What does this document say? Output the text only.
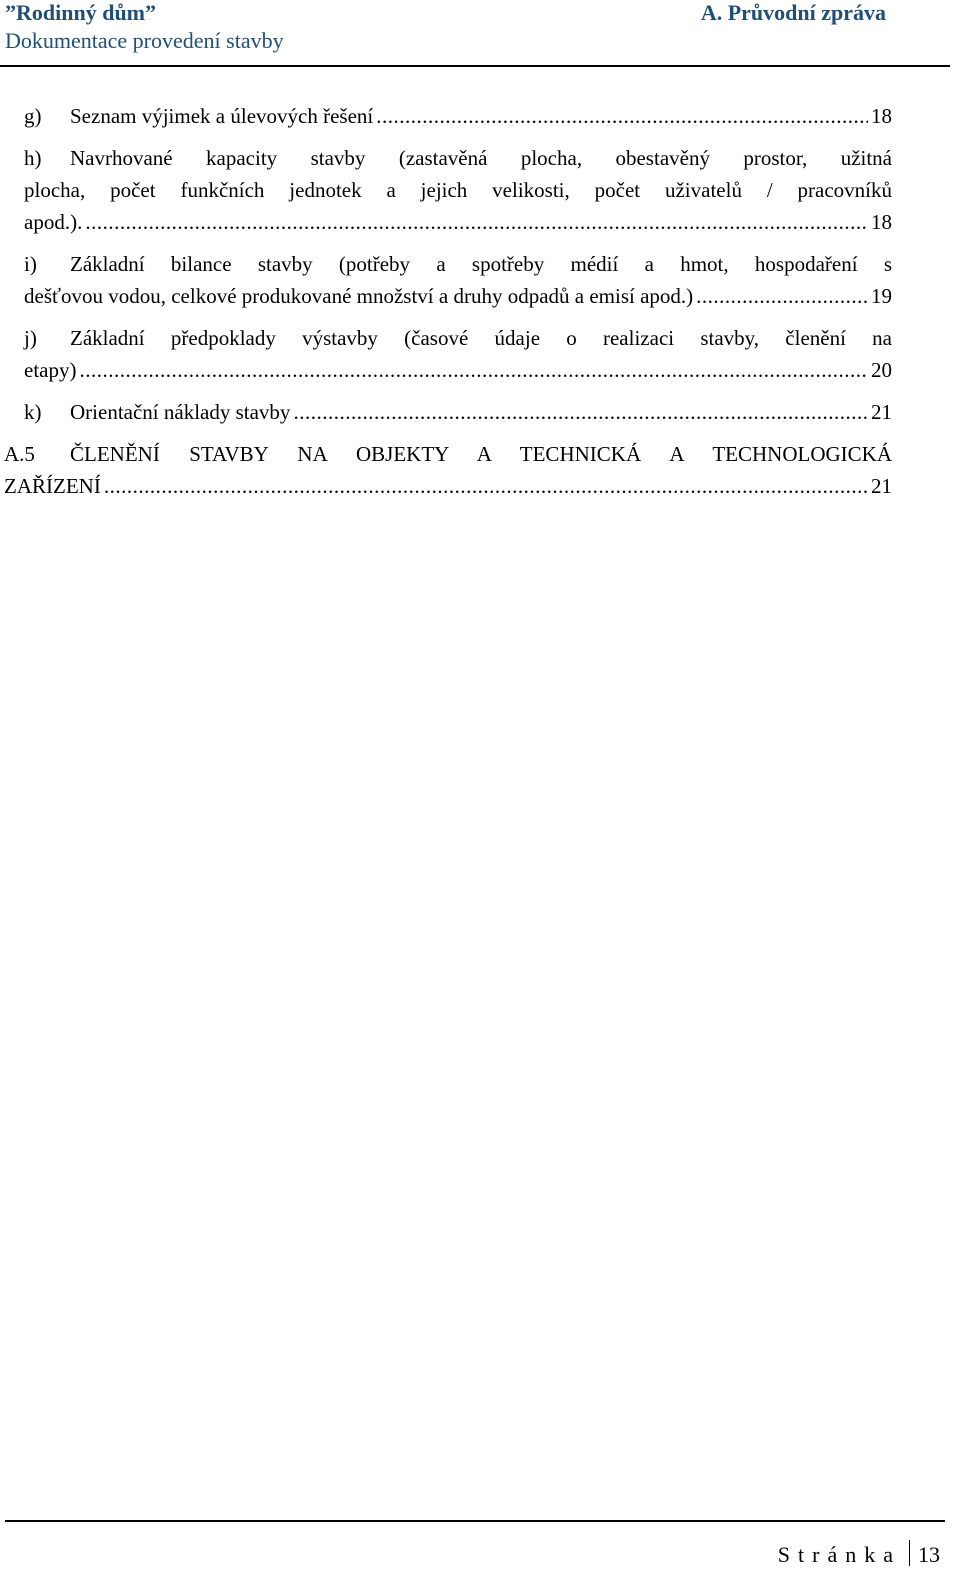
”Rodinný dům”
Dokumentace provedení stavby
A. Průvodní zpráva
g)	Seznam výjimek a úlevových řešení .....	18
h) Navrhované kapacity stavby (zastavěná plocha, obestavěný prostor, užitná
plocha, počet funkčních jednotek a jejich velikosti, počet uživatelů / pracovníků
apod.). .....	18
i) Základní bilance stavby (potřeby a spotřeby médií a hmot, hospodaření s
dešťovou vodou, celkové produkované množství a druhy odpadů a emisí apod.) .....	19
j) Základní předpoklady výstavby (časové údaje o realizaci stavby, členění na
etapy) .....	20
k)	Orientační náklady stavby .....	21
A.5 ČLENĚNÍ STAVBY NA OBJEKTY A TECHNICKÁ A TECHNOLOGICKÁ
ZAŘÍZENÍ .....	21
Stránka 13
